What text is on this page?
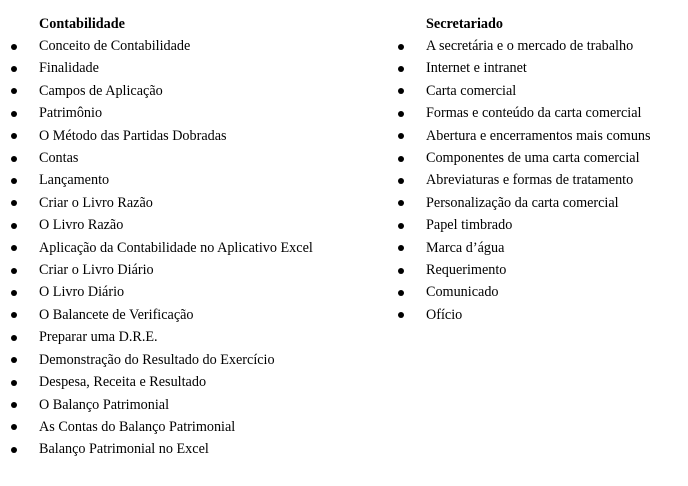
Contabilidade
Conceito de Contabilidade
Finalidade
Campos de Aplicação
Patrimônio
O Método das Partidas Dobradas
Contas
Lançamento
Criar o Livro Razão
O Livro Razão
Aplicação da Contabilidade no Aplicativo Excel
Criar o Livro Diário
O Livro Diário
O Balancete de Verificação
Preparar uma D.R.E.
Demonstração do Resultado do Exercício
Despesa, Receita e Resultado
O Balanço Patrimonial
As Contas do Balanço Patrimonial
Balanço Patrimonial no Excel
Secretariado
A secretária e o mercado de trabalho
Internet e intranet
Carta comercial
Formas e conteúdo da carta comercial
Abertura e encerramentos mais comuns
Componentes de uma carta comercial
Abreviaturas e formas de tratamento
Personalização da carta comercial
Papel timbrado
Marca d’água
Requerimento
Comunicado
Ofício
